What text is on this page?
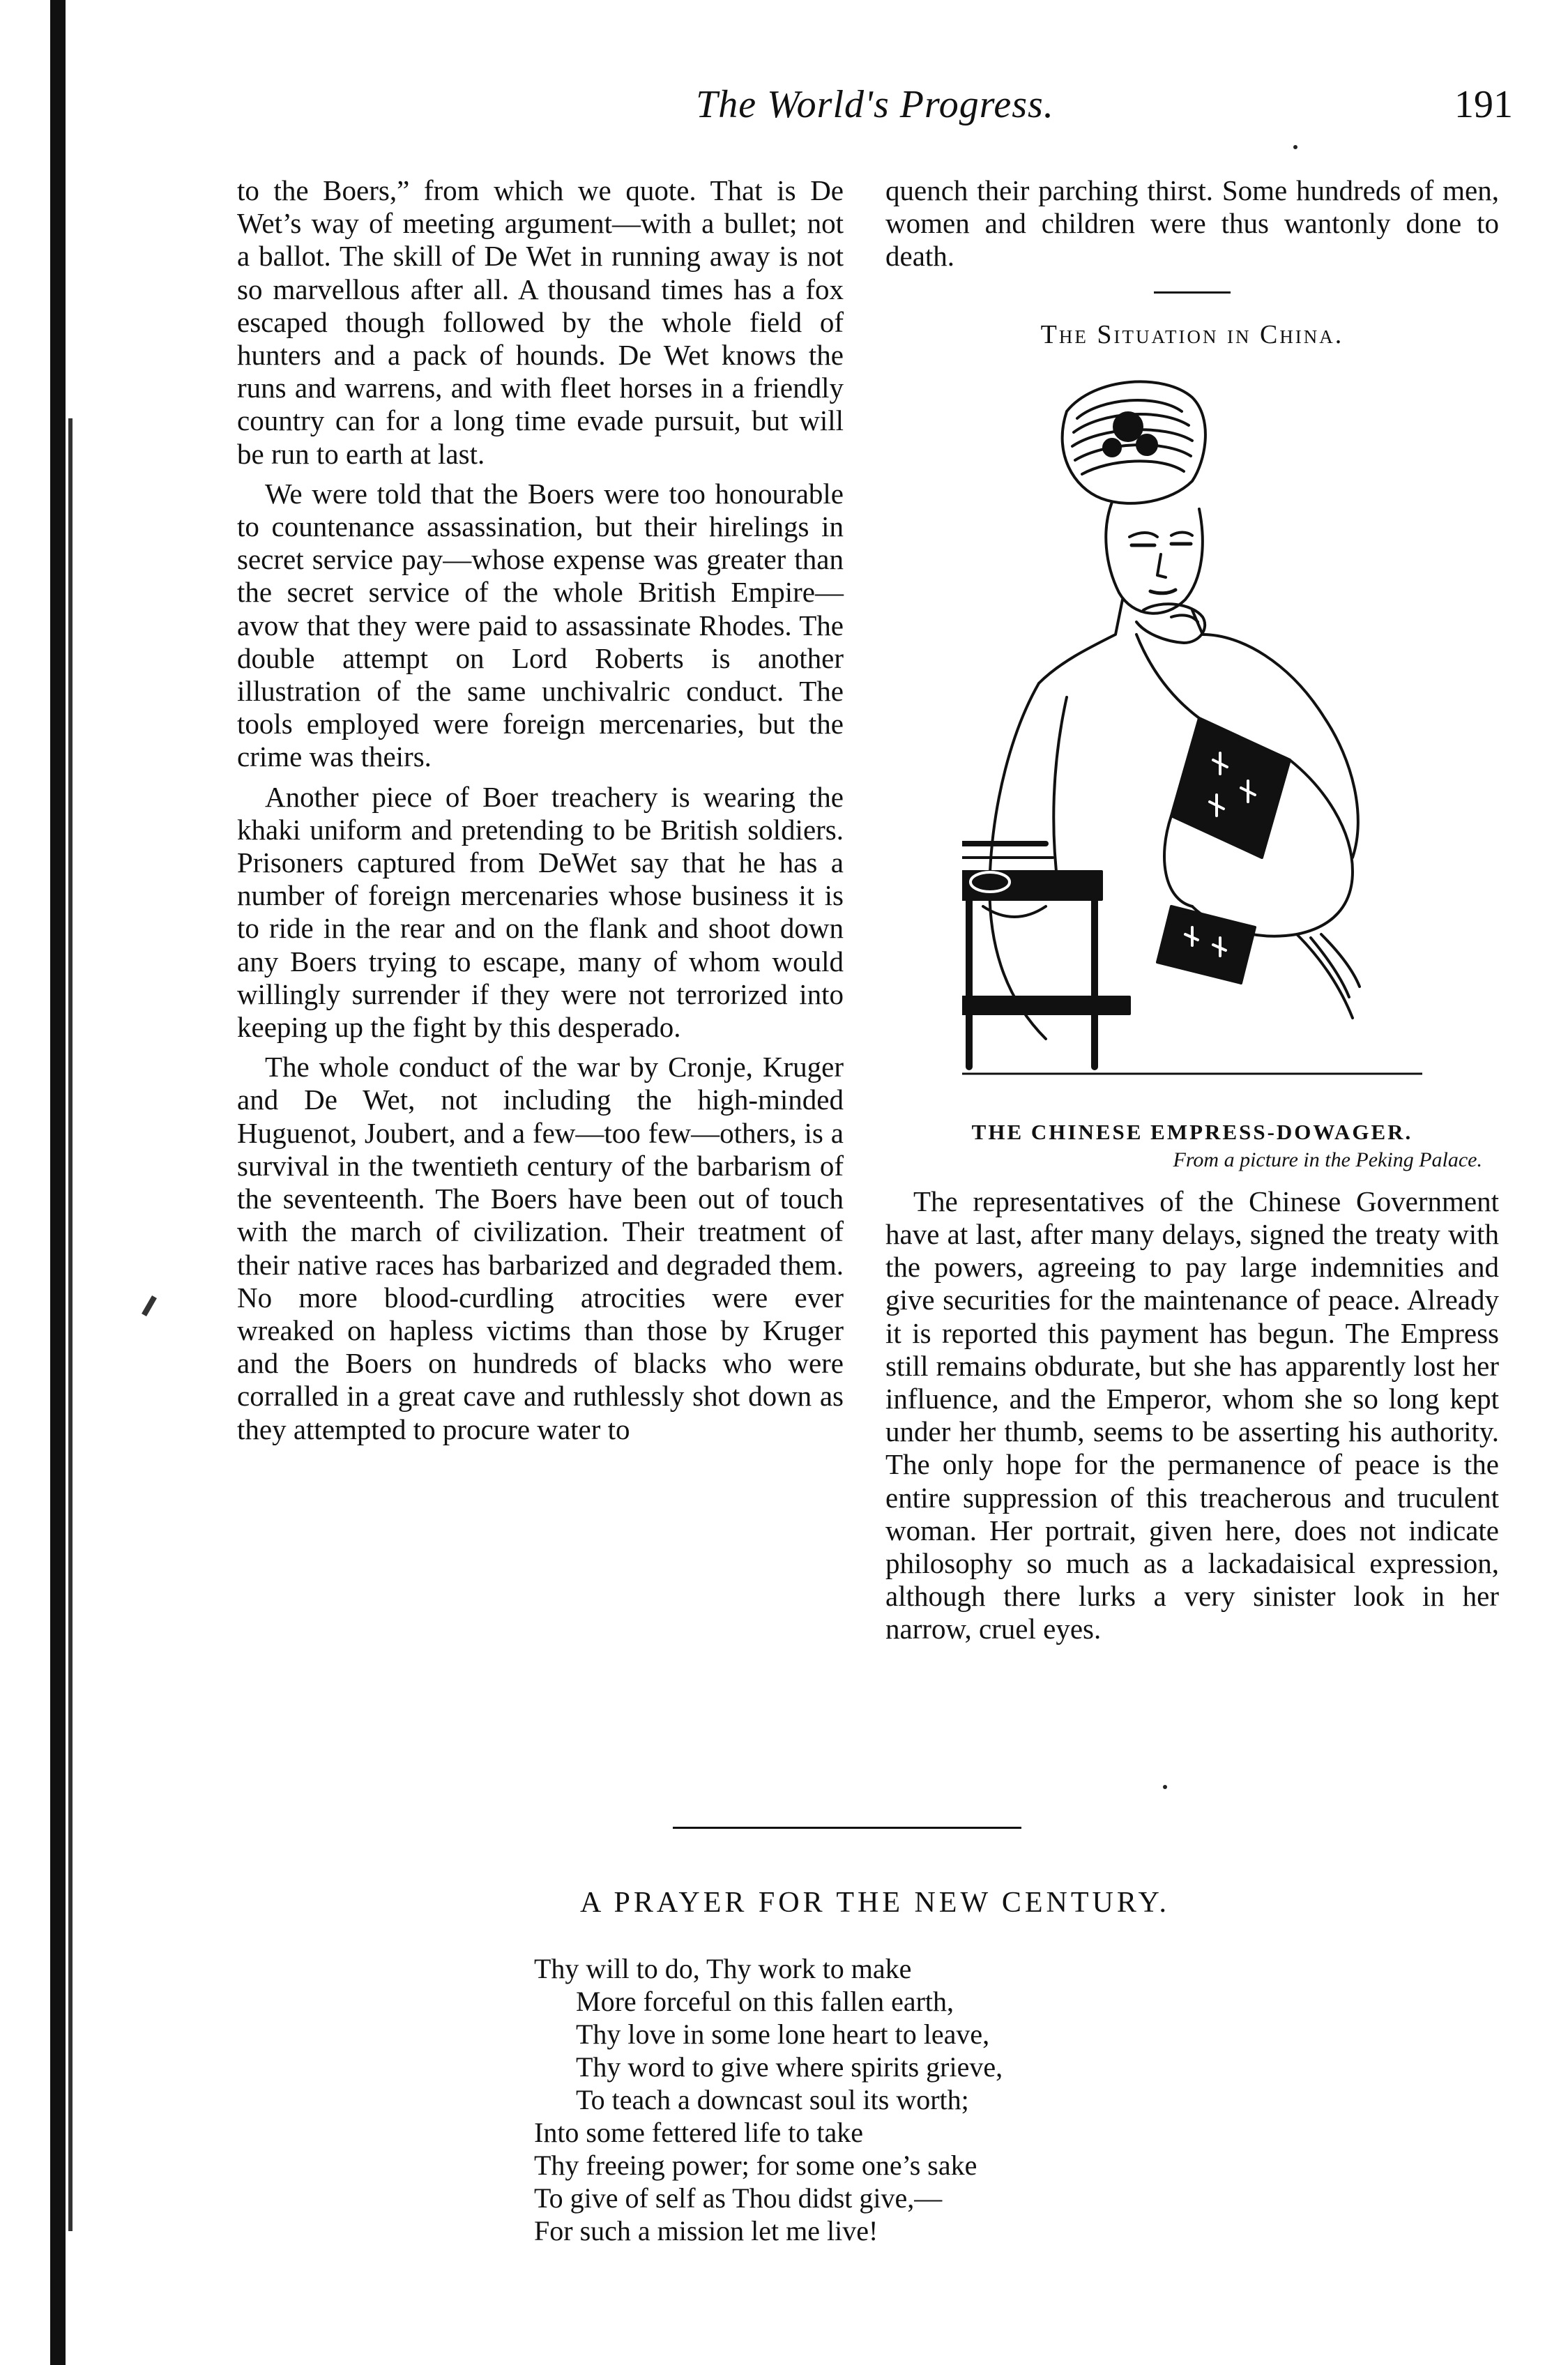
The World's Progress.	191

to the Boers,” from which we quote. That is De Wet’s way of meeting argument—with a bullet; not a ballot. The skill of De Wet in running away is not so marvellous after all. A thousand times has a fox escaped though followed by the whole field of hunters and a pack of hounds. De Wet knows the runs and warrens, and with fleet horses in a friendly country can for a long time evade pursuit, but will be run to earth at last.

We were told that the Boers were too honourable to countenance assassination, but their hirelings in secret service pay—whose expense was greater than the secret service of the whole British Empire—avow that they were paid to assassinate Rhodes. The double attempt on Lord Roberts is another illustration of the same unchivalric conduct. The tools employed were foreign mercenaries, but the crime was theirs.

Another piece of Boer treachery is wearing the khaki uniform and pretending to be British soldiers. Prisoners captured from DeWet say that he has a number of foreign mercenaries whose business it is to ride in the rear and on the flank and shoot down any Boers trying to escape, many of whom would willingly surrender if they were not terrorized into keeping up the fight by this desperado.

The whole conduct of the war by Cronje, Kruger and De Wet, not including the high-minded Huguenot, Joubert, and a few—too few—others, is a survival in the twentieth century of the barbarism of the seventeenth. The Boers have been out of touch with the march of civilization. Their treatment of their native races has barbarized and degraded them. No more blood-curdling atrocities were ever wreaked on hapless victims than those by Kruger and the Boers on hundreds of blacks who were corralled in a great cave and ruthlessly shot down as they attempted to procure water to

quench their parching thirst. Some hundreds of men, women and children were thus wantonly done to death.

The Situation in China.
THE CHINESE EMPRESS-DOWAGER.
From a picture in the Peking Palace.

The representatives of the Chinese Government have at last, after many delays, signed the treaty with the powers, agreeing to pay large indemnities and give securities for the maintenance of peace. Already it is reported this payment has begun. The Empress still remains obdurate, but she has apparently lost her influence, and the Emperor, whom she so long kept under her thumb, seems to be asserting his authority. The only hope for the permanence of peace is the entire suppression of this treacherous and truculent woman. Her portrait, given here, does not indicate philosophy so much as a lackadaisical expression, although there lurks a very sinister look in her narrow, cruel eyes.

A PRAYER FOR THE NEW CENTURY.
Thy will to do, Thy work to make
More forceful on this fallen earth,
Thy love in some lone heart to leave,
Thy word to give where spirits grieve,
To teach a downcast soul its worth;
Into some fettered life to take
Thy freeing power; for some one’s sake
To give of self as Thou didst give,—
For such a mission let me live!
